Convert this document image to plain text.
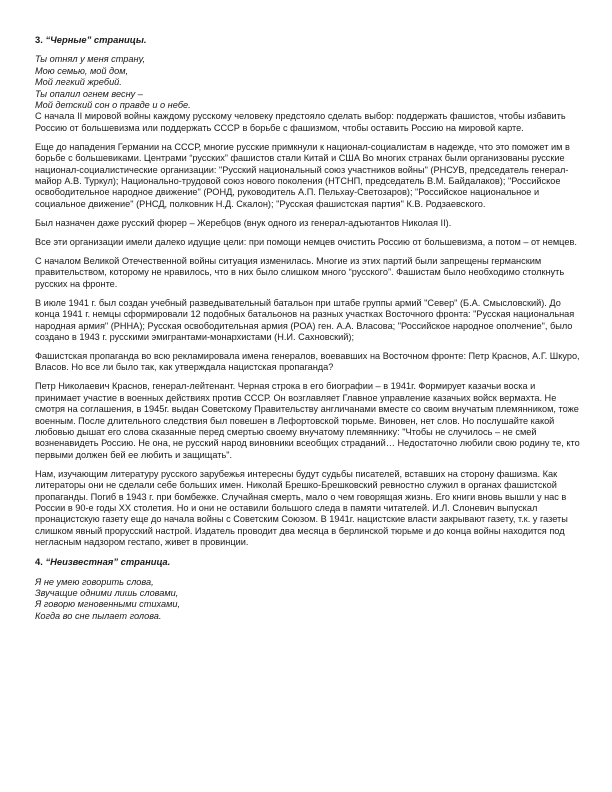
3. “Черные” страницы.
Ты отнял у меня страну,
Мою семью, мой дом,
Мой легкий жребий.
Ты опалил огнем весну –
Мой детский сон о правде и о небе.

С начала II мировой войны каждому русскому человеку предстояло сделать выбор: поддержать фашистов, чтобы избавить Россию от большевизма или поддержать СССР в борьбе с фашизмом, чтобы оставить Россию на мировой карте.

Еще до нападения Германии на СССР, многие русские примкнули к национал-социалистам в надежде, что это поможет им в борьбе с большевиками. Центрами “русских” фашистов стали Китай и США Во многих странах были организованы русские национал-социалистические организации: "Русский национальный союз участников войны" (РНСУВ, председатель генерал-майор А.В. Туркул); Национально-трудовой союз нового поколения (НТСНП, председатель В.М. Байдалаков); "Российское освободительное народное движение" (РОНД, руководитель А.П. Пельхау-Светозаров); "Российское национальное и социальное движение" (РНСД, полковник Н.Д. Скалон); "Русская фашистская партия" К.В. Родзаевского.

Был назначен даже русский фюрер – Жеребцов (внук одного из генерал-адъютантов Николая II).

Все эти организации имели далеко идущие цели: при помощи немцев очистить Россию от большевизма, а потом – от немцев.

С началом Великой Отечественной войны ситуация изменилась. Многие из этих партий были запрещены германским правительством, которому не нравилось, что в них было слишком много “русского”. Фашистам было необходимо столкнуть русских на фронте.

В июле 1941 г. был создан учебный разведывательный батальон при штабе группы армий "Север" (Б.А. Смысловский). До конца 1941 г. немцы сформировали 12 подобных батальонов на разных участках Восточного фронта: "Русская национальная народная армия" (РННА); Русская освободительная армия (РОА) ген. А.А. Власова; "Российское народное ополчение", было создано в 1943 г. русскими эмигрантами-монархистами (Н.И. Сахновский);

Фашистская пропаганда во всю рекламировала имена генералов, воевавших на Восточном фронте: Петр Краснов, А.Г. Шкуро, Власов. Но все ли было так, как утверждала нацистская пропаганда?

Петр Николаевич Краснов, генерал-лейтенант. Черная строка в его биографии – в 1941г. Формирует казачьи воска и принимает участие в военных действиях против СССР. Он возглавляет Главное управление казачьих войск вермахта. Не смотря на соглашения, в 1945г. выдан Советскому Правительству англичанами вместе со своим внучатым племянником, тоже военным. После длительного следствия был повешен в Лефортовской тюрьме. Виновен, нет слов. Но послушайте какой любовью дышат его слова сказанные перед смертью своему внучатому племяннику: "Чтобы не случилось – не смей возненавидеть Россию. Не она, не русский народ виновники всеобщих страданий… Недостаточно любили свою родину те, кто первыми должен бей ее любить и защищать".

Нам, изучающим литературу русского зарубежья интересны будут судьбы писателей, вставших на сторону фашизма. Как литераторы они не сделали себе больших имен. Николай Брешко-Брешковский ревностно служил в органах фашистской пропаганды. Погиб в 1943 г. при бомбежке. Случайная смерть, мало о чем говорящая жизнь. Его книги вновь вышли у нас в России в 90-е годы XX столетия. Но и они не оставили большого следа в памяти читателей. И.Л. Слоневич выпускал пронацистскую газету еще до начала войны с Советским Союзом. В 1941г. нацистские власти закрывают газету, т.к. у газеты слишком явный прорусский настрой. Издатель проводит два месяца в берлинской тюрьме и до конца войны находится под негласным надзором гестапо, живет в провинции.

4. “Неизвестная” страница.
Я не умею говорить слова,
Звучащие одними лишь словами,
Я говорю мгновенными стихами,
Когда во сне пылает голова.
